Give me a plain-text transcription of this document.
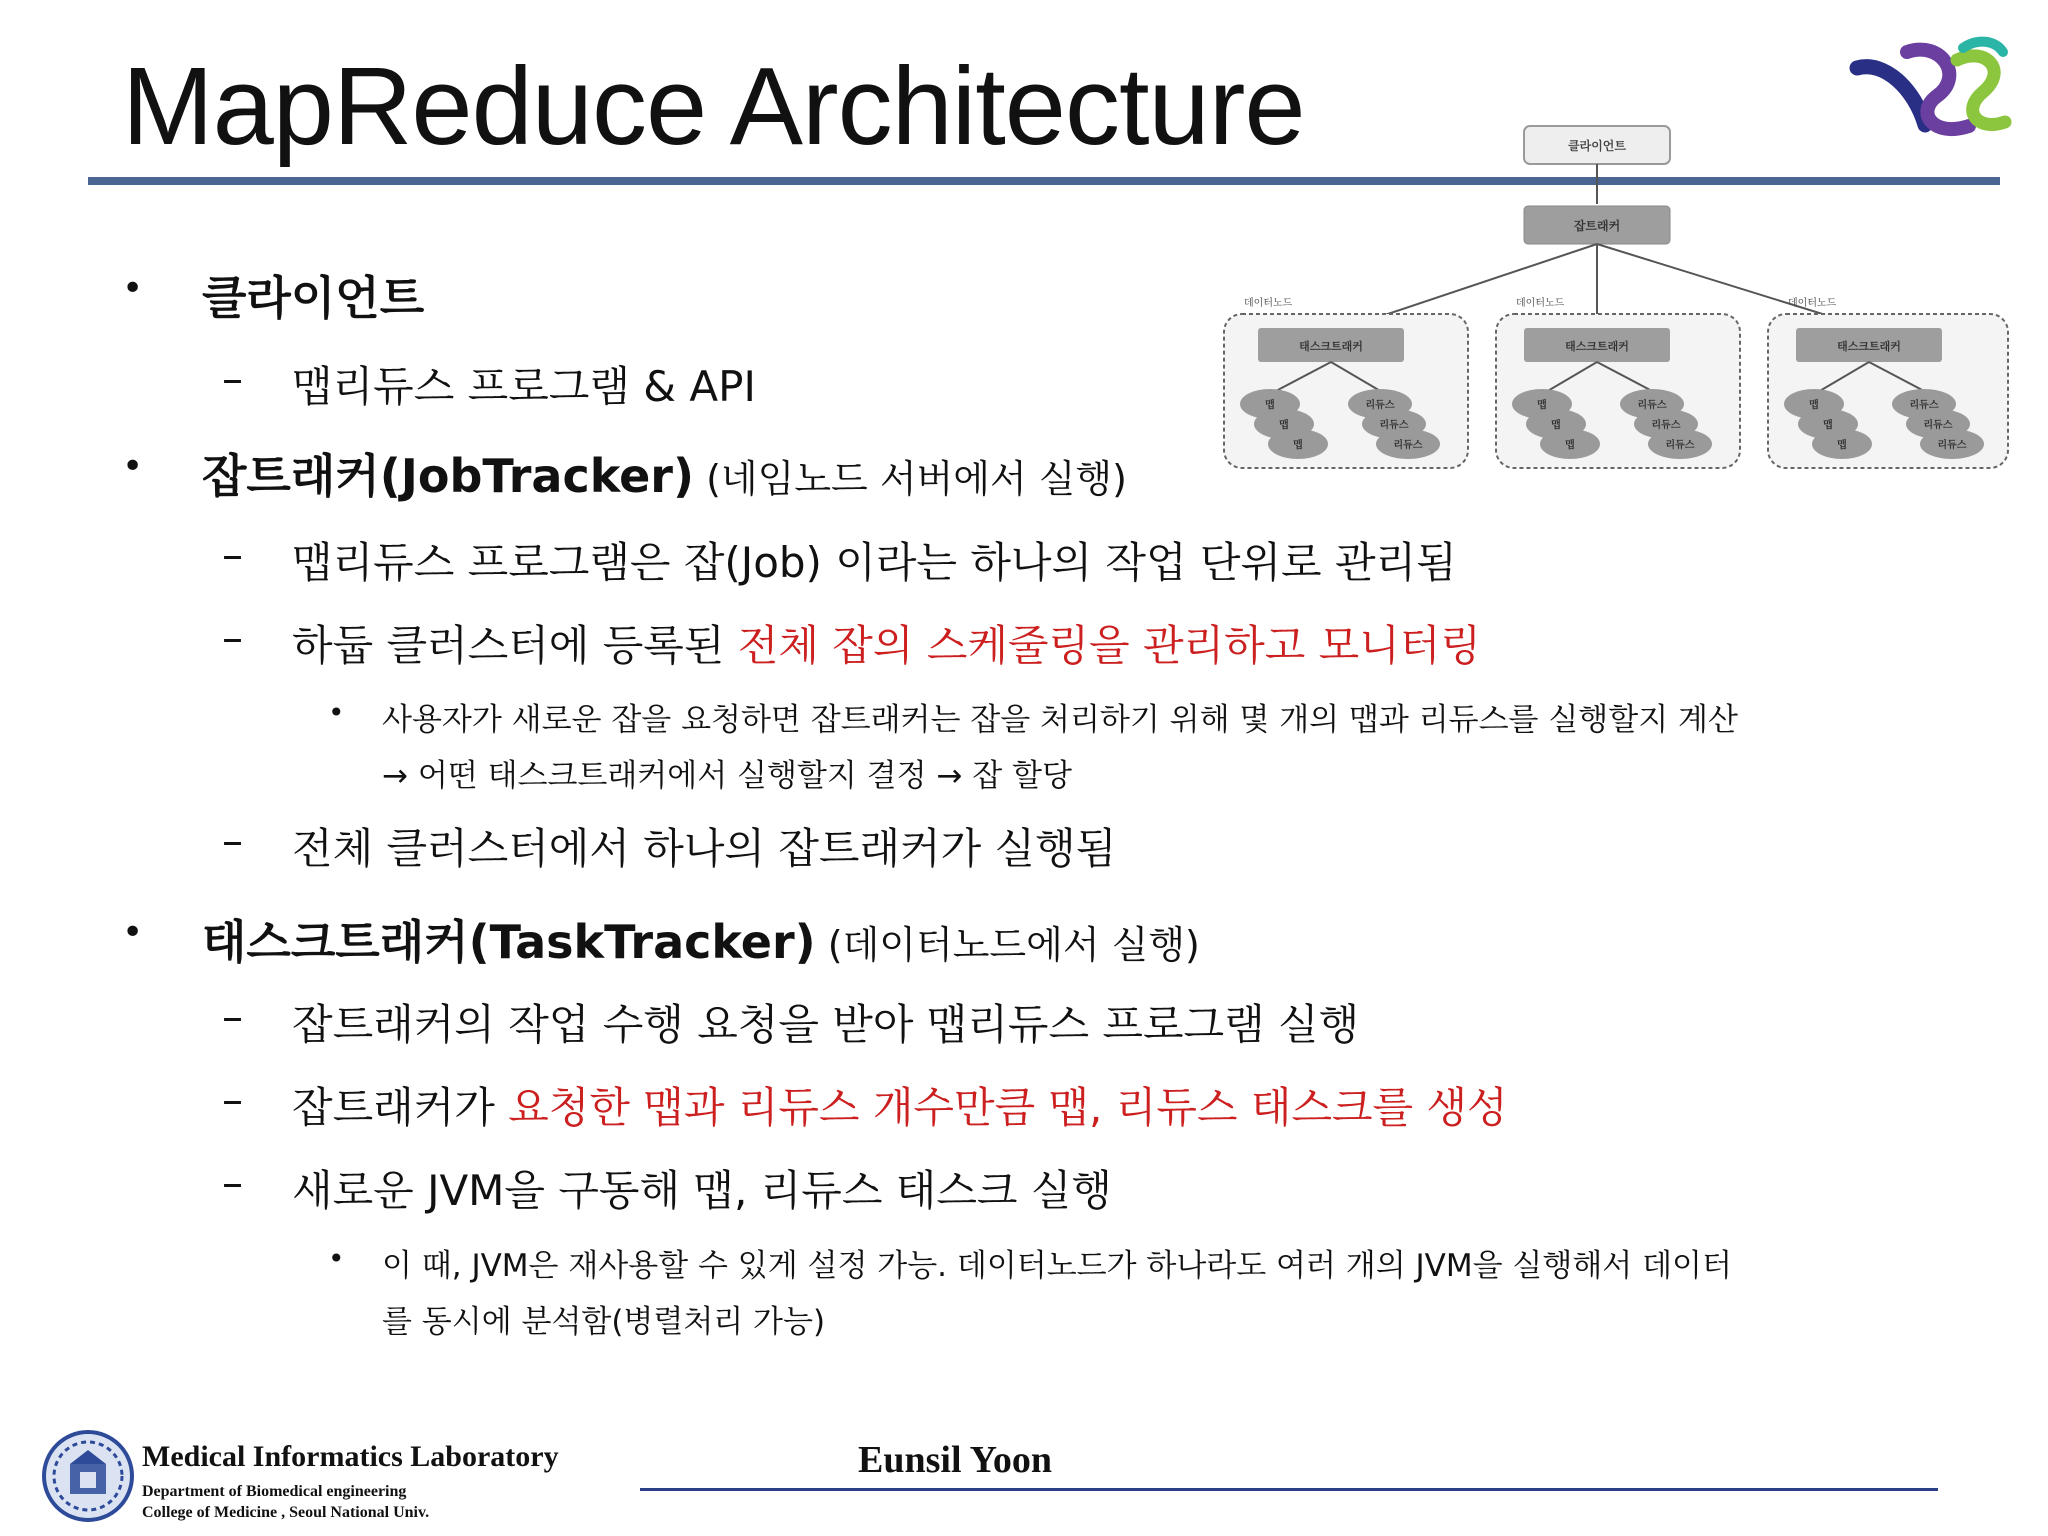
MapReduce Architecture	클라이언트
잡트래커
데이터노드
태스크트래커
맵
맵
맵
리듀스
리듀스
리듀스
데이터노드
태스크트래커
맵
맵
맵
리듀스
리듀스
리듀스
데이터노드
태스크트래커
맵
맵
맵
리듀스
리듀스
리듀스
• 클라이언트
– 맵리듀스 프로그램 & API
• 잡트래커(JobTracker) (네임노드 서버에서 실행)
– 맵리듀스 프로그램은 잡(Job) 이라는 하나의 작업 단위로 관리됨
– 하둡 클러스터에 등록된 전체 잡의 스케줄링을 관리하고 모니터링
• 사용자가 새로운 잡을 요청하면 잡트래커는 잡을 처리하기 위해 몇 개의 맵과 리듀스를 실행할지 계산
→ 어떤 태스크트래커에서 실행할지 결정 → 잡 할당
– 전체 클러스터에서 하나의 잡트래커가 실행됨
• 태스크트래커(TaskTracker) (데이터노드에서 실행)
– 잡트래커의 작업 수행 요청을 받아 맵리듀스 프로그램 실행
– 잡트래커가 요청한 맵과 리듀스 개수만큼 맵, 리듀스 태스크를 생성
– 새로운 JVM을 구동해 맵, 리듀스 태스크 실행
• 이 때, JVM은 재사용할 수 있게 설정 가능. 데이터노드가 하나라도 여러 개의 JVM을 실행해서 데이터
를 동시에 분석함(병렬처리 가능)
Medical Informatics Laboratory
Department of Biomedical engineering
College of Medicine , Seoul National Univ.
Eunsil Yoon
